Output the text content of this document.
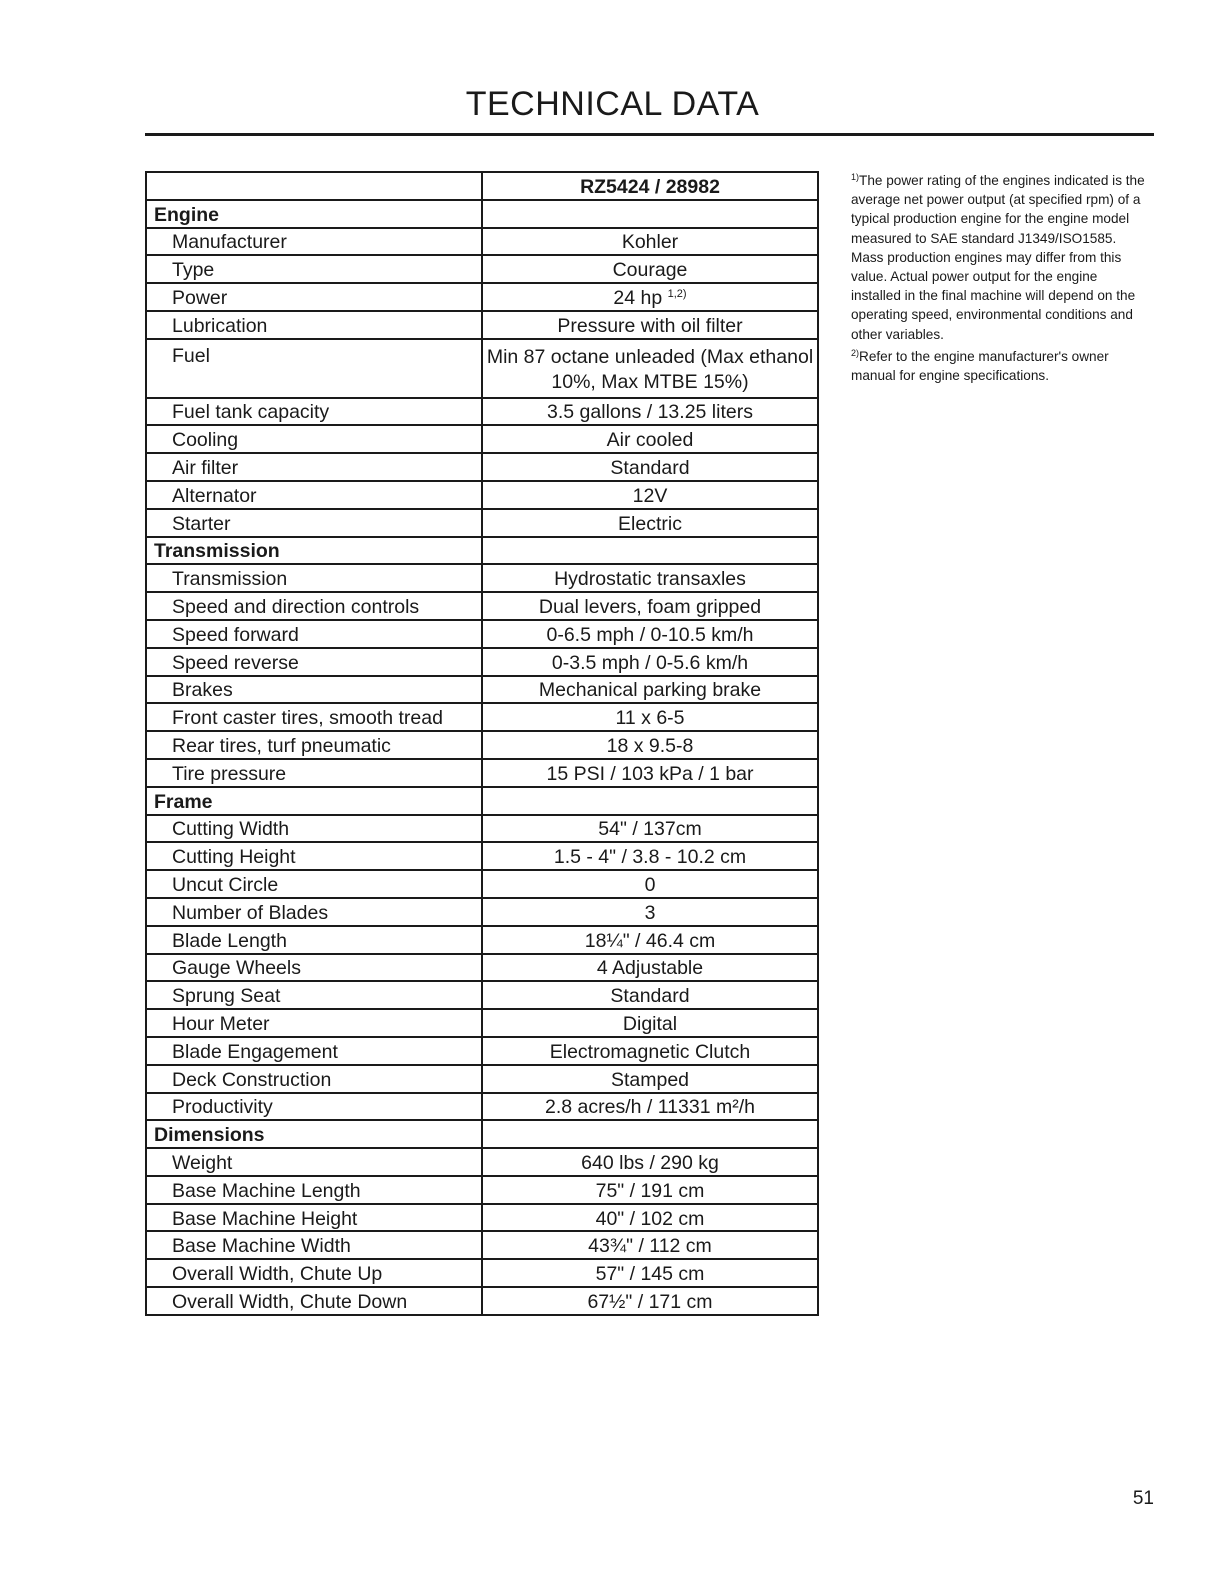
TECHNICAL DATA
	RZ5424 / 28982
Engine	
Manufacturer	Kohler
Type	Courage
Power	24 hp $^{1,2)}$
Lubrication	Pressure with oil filter
Fuel	Min 87 octane unleaded (Max ethanol 10%, Max MTBE 15%)
Fuel tank capacity	3.5 gallons / 13.25 liters
Cooling	Air cooled
Air filter	Standard
Alternator	12V
Starter	Electric
Transmission	
Transmission	Hydrostatic transaxles
Speed and direction controls	Dual levers, foam gripped
Speed forward	0-6.5 mph / 0-10.5 km/h
Speed reverse	0-3.5 mph / 0-5.6 km/h
Brakes	Mechanical parking brake
Front caster tires, smooth tread	11 x 6-5
Rear tires, turf pneumatic	18 x 9.5-8
Tire pressure	15 PSI / 103 kPa / 1 bar
Frame	
Cutting Width	54" / 137cm
Cutting Height	1.5 - 4" / 3.8 - 10.2 cm
Uncut Circle	0
Number of Blades	3
Blade Length	18¼" / 46.4 cm
Gauge Wheels	4 Adjustable
Sprung Seat	Standard
Hour Meter	Digital
Blade Engagement	Electromagnetic Clutch
Deck Construction	Stamped
Productivity	2.8 acres/h / 11331 m²/h
Dimensions	
Weight	640 lbs / 290 kg
Base Machine Length	75" / 191 cm
Base Machine Height	40" / 102 cm
Base Machine Width	43¾" / 112 cm
Overall Width, Chute Up	57" / 145 cm
Overall Width, Chute Down	67½" / 171 cm

$^{1)}$The power rating of the engines indicated is the average net power output (at specified rpm) of a typical production engine for the engine model measured to SAE standard J1349/ISO1585. Mass production engines may differ from this value. Actual power output for the engine installed in the final machine will depend on the operating speed, environmental conditions and other variables.

$^{2)}$Refer to the engine manufacturer's owner manual for engine specifications.

51
